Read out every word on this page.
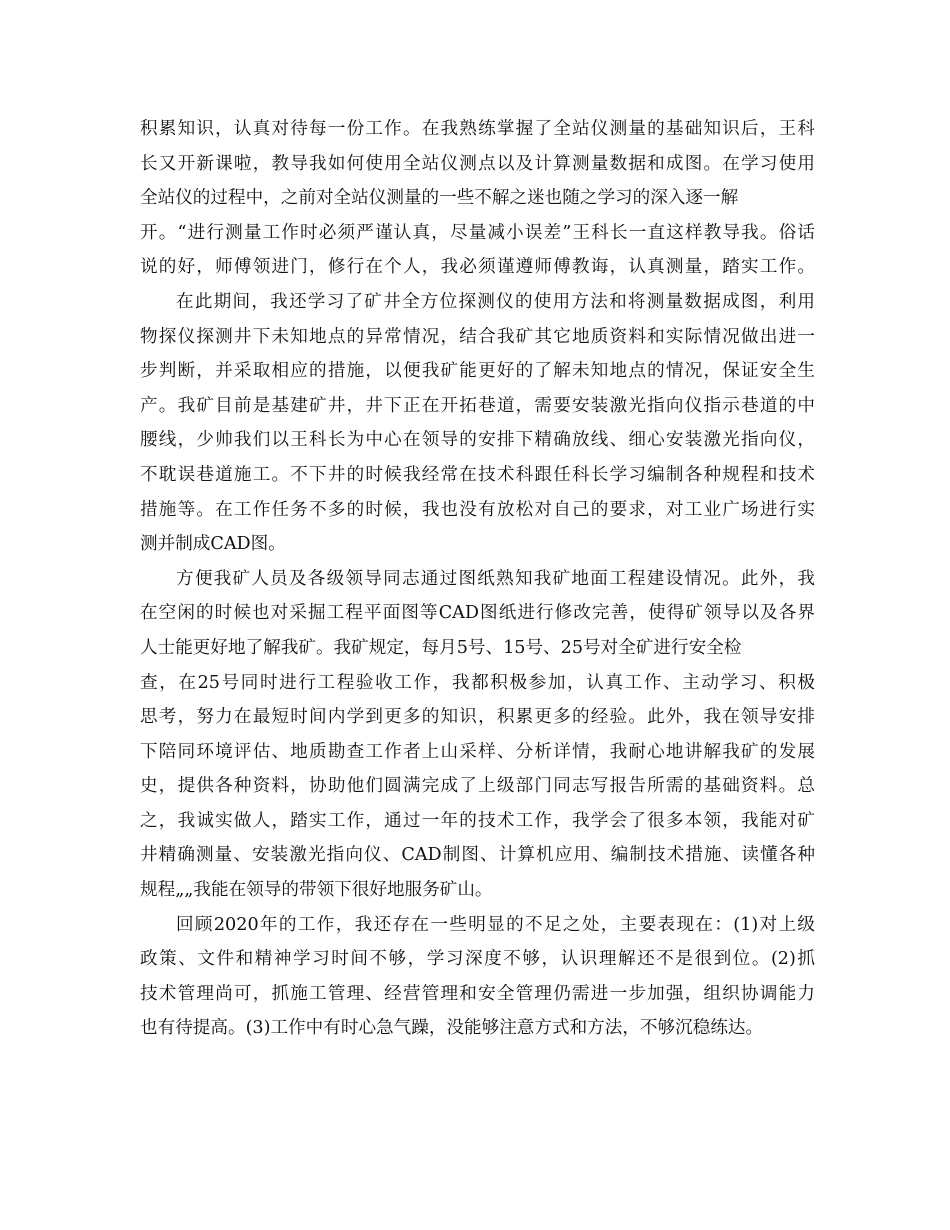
积累知识，认真对待每一份工作。在我熟练掌握了全站仪测量的基础知识后，王科
长又开新课啦，教导我如何使用全站仪测点以及计算测量数据和成图。在学习使用
全站仪的过程中，之前对全站仪测量的一些不解之迷也随之学习的深入逐一解
开。“进行测量工作时必须严谨认真，尽量减小误差”王科长一直这样教导我。俗话
说的好，师傅领进门，修行在个人，我必须谨遵师傅教诲，认真测量，踏实工作。
在此期间，我还学习了矿井全方位探测仪的使用方法和将测量数据成图，利用
物探仪探测井下未知地点的异常情况，结合我矿其它地质资料和实际情况做出进一
步判断，并采取相应的措施，以便我矿能更好的了解未知地点的情况，保证安全生
产。我矿目前是基建矿井，井下正在开拓巷道，需要安装激光指向仪指示巷道的中
腰线，少帅我们以王科长为中心在领导的安排下精确放线、细心安装激光指向仪，
不耽误巷道施工。不下井的时候我经常在技术科跟任科长学习编制各种规程和技术
措施等。在工作任务不多的时候，我也没有放松对自己的要求，对工业广场进行实
测并制成CAD图。
方便我矿人员及各级领导同志通过图纸熟知我矿地面工程建设情况。此外，我
在空闲的时候也对采掘工程平面图等CAD图纸进行修改完善，使得矿领导以及各界
人士能更好地了解我矿。我矿规定，每月5号、15号、25号对全矿进行安全检
查，在25号同时进行工程验收工作，我都积极参加，认真工作、主动学习、积极
思考，努力在最短时间内学到更多的知识，积累更多的经验。此外，我在领导安排
下陪同环境评估、地质勘查工作者上山采样、分析详情，我耐心地讲解我矿的发展
史，提供各种资料，协助他们圆满完成了上级部门同志写报告所需的基础资料。总
之，我诚实做人，踏实工作，通过一年的技术工作，我学会了很多本领，我能对矿
井精确测量、安装激光指向仪、CAD制图、计算机应用、编制技术措施、读懂各种
规程„„我能在领导的带领下很好地服务矿山。
回顾2020年的工作，我还存在一些明显的不足之处，主要表现在：(1)对上级
政策、文件和精神学习时间不够，学习深度不够，认识理解还不是很到位。(2)抓
技术管理尚可，抓施工管理、经营管理和安全管理仍需进一步加强，组织协调能力
也有待提高。(3)工作中有时心急气躁，没能够注意方式和方法，不够沉稳练达。
